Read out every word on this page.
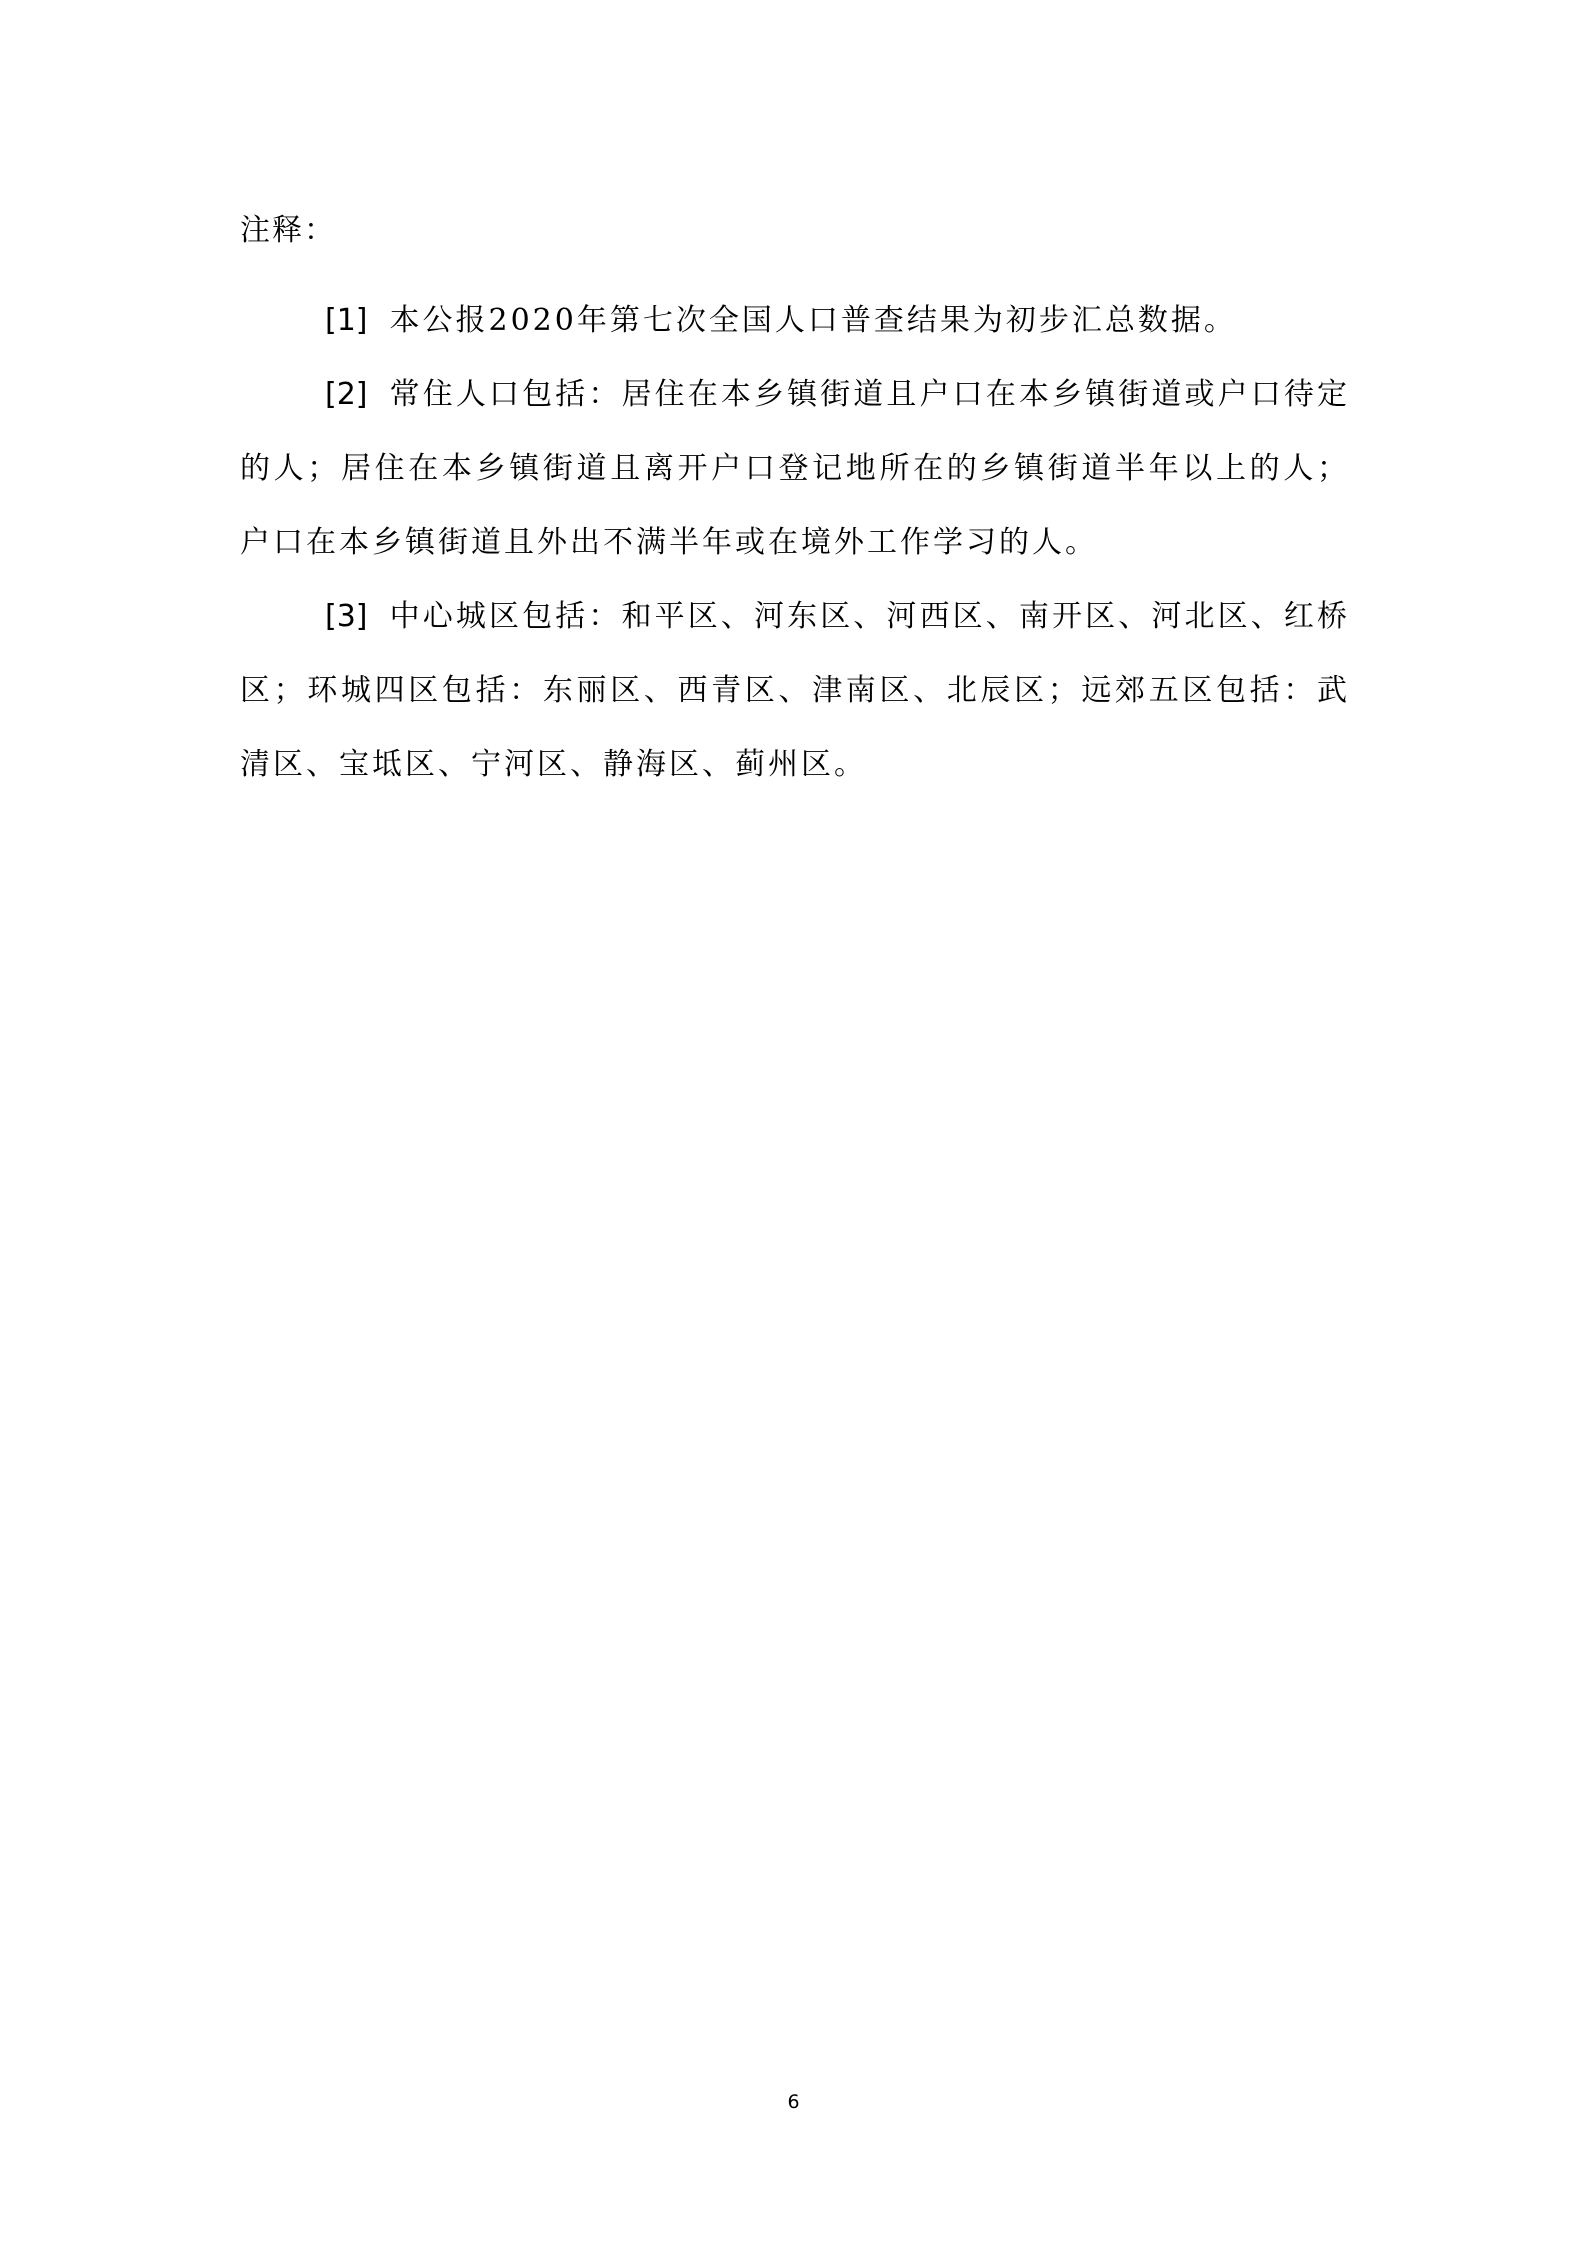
注释：

[1] 本公报2020年第七次全国人口普查结果为初步汇总数据。

[2] 常住人口包括：居住在本乡镇街道且户口在本乡镇街道或户口待定的人；居住在本乡镇街道且离开户口登记地所在的乡镇街道半年以上的人；户口在本乡镇街道且外出不满半年或在境外工作学习的人。

[3] 中心城区包括：和平区、河东区、河西区、南开区、河北区、红桥区；环城四区包括：东丽区、西青区、津南区、北辰区；远郊五区包括：武清区、宝坻区、宁河区、静海区、蓟州区。

6
